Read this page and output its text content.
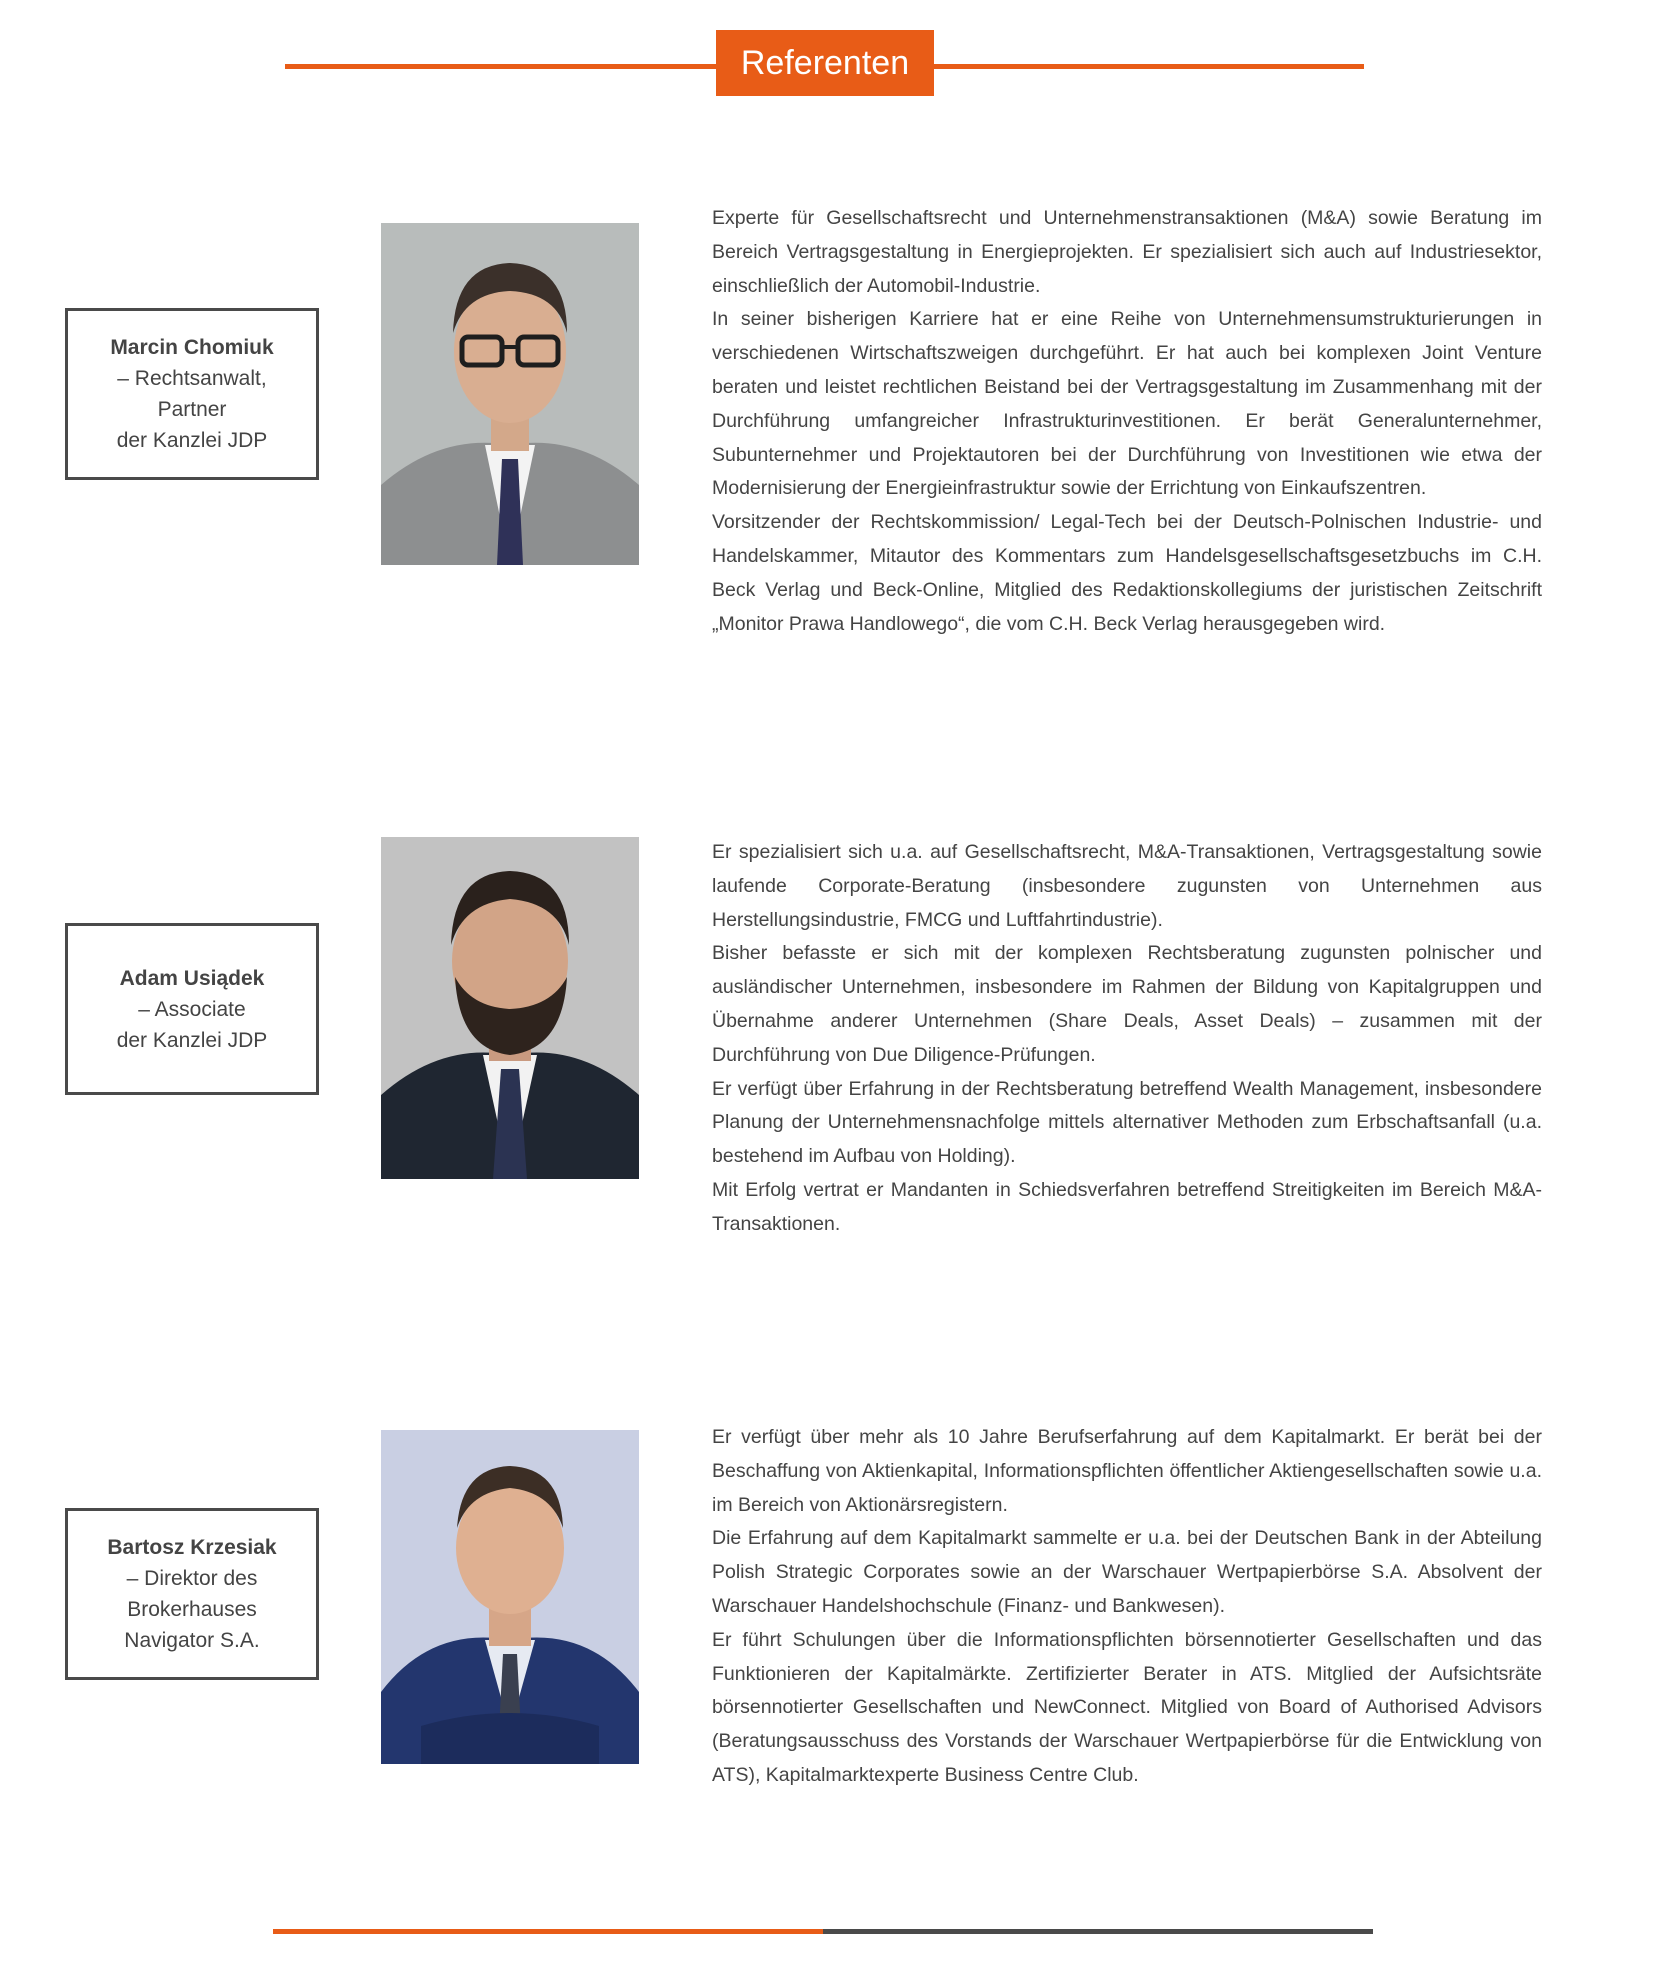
Referenten
Marcin Chomiuk
– Rechtsanwalt,
Partner
der Kanzlei JDP

Experte für Gesellschaftsrecht und Unternehmenstransaktionen (M&A) sowie Beratung im Bereich Vertragsgestaltung in Energieprojekten. Er spezialisiert sich auch auf Industriesektor, einschließlich der Automobil-Industrie.

In seiner bisherigen Karriere hat er eine Reihe von Unternehmensumstrukturierungen in verschiedenen Wirtschaftszweigen durchgeführt. Er hat auch bei komplexen Joint Venture beraten und leistet rechtlichen Beistand bei der Vertragsgestaltung im Zusammenhang mit der Durchführung umfangreicher Infrastrukturinvestitionen. Er berät Generalunternehmer, Subunternehmer und Projektautoren bei der Durchführung von Investitionen wie etwa der Modernisierung der Energieinfrastruktur sowie der Errichtung von Einkaufszentren.

Vorsitzender der Rechtskommission/ Legal-Tech bei der Deutsch-Polnischen Industrie- und Handelskammer, Mitautor des Kommentars zum Handelsgesellschaftsgesetzbuchs im C.H. Beck Verlag und Beck-Online, Mitglied des Redaktionskollegiums der juristischen Zeitschrift „Monitor Prawa Handlowego“, die vom C.H. Beck Verlag herausgegeben wird.

Adam Usiądek
– Associate
der Kanzlei JDP

Er spezialisiert sich u.a. auf Gesellschaftsrecht, M&A-Transaktionen, Vertragsgestaltung sowie laufende Corporate-Beratung (insbesondere zugunsten von Unternehmen aus Herstellungsindustrie, FMCG und Luftfahrtindustrie).

Bisher befasste er sich mit der komplexen Rechtsberatung zugunsten polnischer und ausländischer Unternehmen, insbesondere im Rahmen der Bildung von Kapitalgruppen und Übernahme anderer Unternehmen (Share Deals, Asset Deals) – zusammen mit der Durchführung von Due Diligence-Prüfungen.

Er verfügt über Erfahrung in der Rechtsberatung betreffend Wealth Management, insbesondere Planung der Unternehmensnachfolge mittels alternativer Methoden zum Erbschaftsanfall (u.a. bestehend im Aufbau von Holding).

Mit Erfolg vertrat er Mandanten in Schiedsverfahren betreffend Streitigkeiten im Bereich M&A-Transaktionen.

Bartosz Krzesiak
– Direktor des
Brokerhauses
Navigator S.A.

Er verfügt über mehr als 10 Jahre Berufserfahrung auf dem Kapitalmarkt. Er berät bei der Beschaffung von Aktienkapital, Informationspflichten öffentlicher Aktiengesellschaften sowie u.a. im Bereich von Aktionärsregistern.

Die Erfahrung auf dem Kapitalmarkt sammelte er u.a. bei der Deutschen Bank in der Abteilung Polish Strategic Corporates sowie an der Warschauer Wertpapierbörse S.A. Absolvent der Warschauer Handelshochschule (Finanz- und Bankwesen).

Er führt Schulungen über die Informationspflichten börsennotierter Gesellschaften und das Funktionieren der Kapitalmärkte. Zertifizierter Berater in ATS. Mitglied der Aufsichtsräte börsennotierter Gesellschaften und NewConnect. Mitglied von Board of Authorised Advisors (Beratungsausschuss des Vorstands der Warschauer Wertpapierbörse für die Entwicklung von ATS), Kapitalmarktexperte Business Centre Club.
